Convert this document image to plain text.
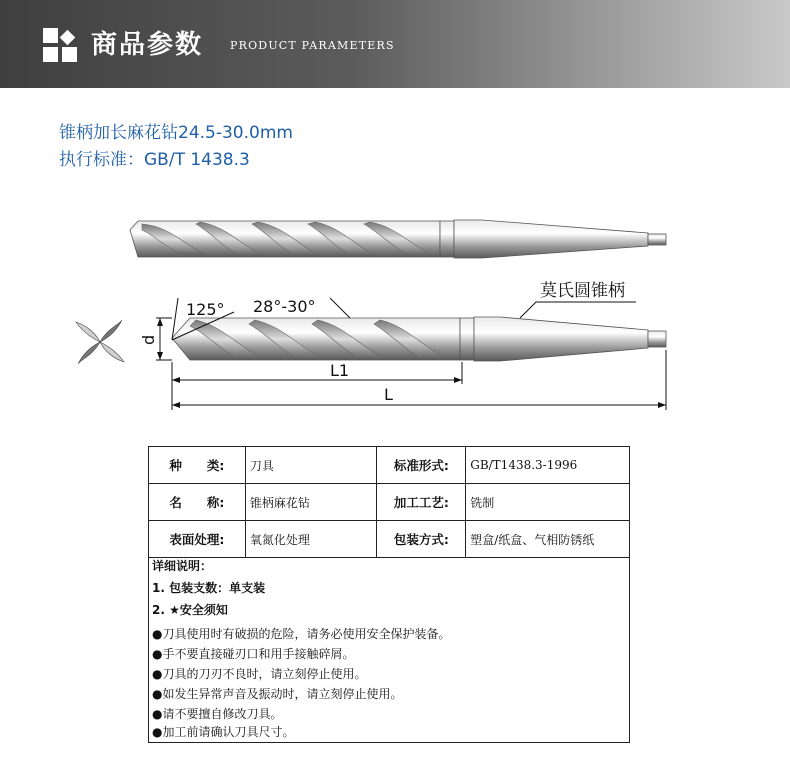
商品参数 PRODUCT PARAMETERS
锥柄加长麻花钻24.5-30.0mm
执行标准：GB/T 1438.3
125° 28°-30°
莫氏圆锥柄
d
L1
L
种　　类:	刀具	标准形式:	GB/T1438.3-1996
名　　称:	锥柄麻花钻	加工工艺:	铣制
表面处理:	氧氮化处理	包装方式:	塑盒/纸盒、气相防锈纸
详细说明：
1. 包装支数：单支装
2. ★安全须知
●刀具使用时有破损的危险，请务必使用安全保护装备。
●手不要直接碰刃口和用手接触碎屑。
●刀具的刀刃不良时，请立刻停止使用。
●如发生异常声音及振动时，请立刻停止使用。
●请不要擅自修改刀具。
●加工前请确认刀具尺寸。
